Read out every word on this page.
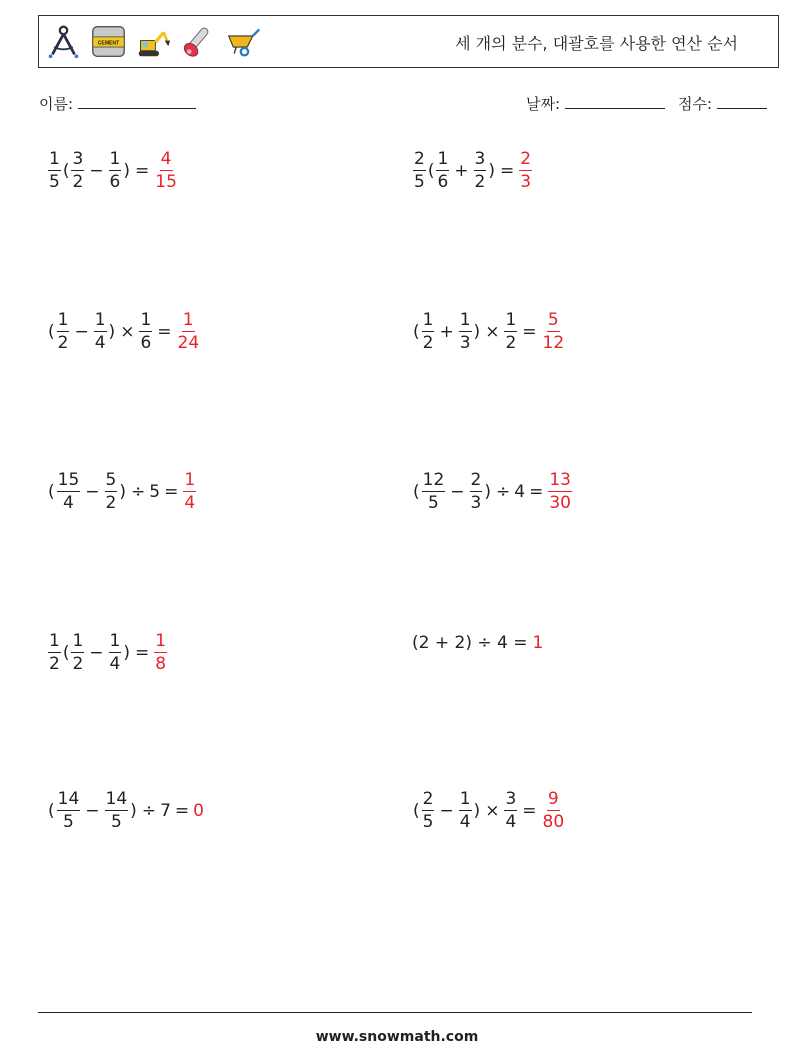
CEMENT	세 개의 분수, 대괄호를 사용한 연산 순서
이름:	날짜:	점수:
$\frac{1}{5}$ ( $\frac{3}{2} - \frac{1}{6}$ ) = $\frac{4}{15}$	$\frac{2}{5}$ ( $\frac{1}{6} + \frac{3}{2}$ ) = $\frac{2}{3}$
( $\frac{1}{2} - \frac{1}{4}$ ) × $\frac{1}{6} = \frac{1}{24}$	( $\frac{1}{2} + \frac{1}{3}$ ) × $\frac{1}{2} = \frac{5}{12}$
( $\frac{15}{4} - \frac{5}{2}$ ) ÷ $5 = \frac{1}{4}$	( $\frac{12}{5} - \frac{2}{3}$ ) ÷ $4 = \frac{13}{30}$
$\frac{1}{2}$ ( $\frac{1}{2} - \frac{1}{4}$ ) = $\frac{1}{8}$	(2 + 2) ÷ 4 = 1
( $\frac{14}{5} - \frac{14}{5}$ ) ÷ 7 = 0	( $\frac{2}{5} - \frac{1}{4}$ ) × $\frac{3}{4} = \frac{9}{80}$
www.snowmath.com
